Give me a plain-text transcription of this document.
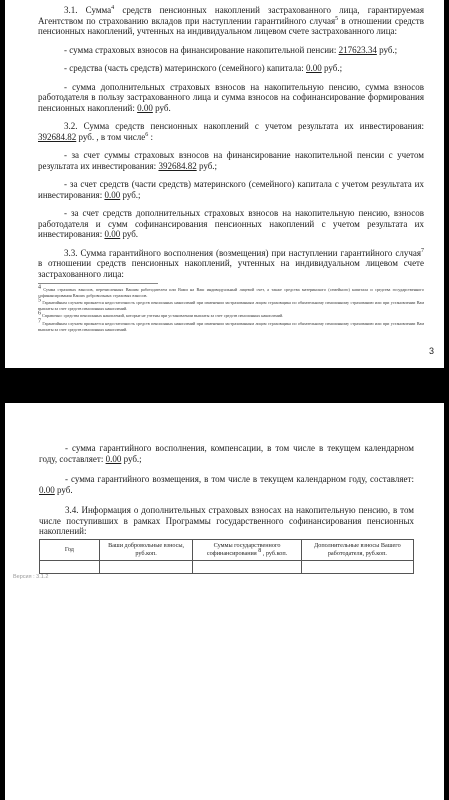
3.1. Сумма$^4$ средств пенсионных накоплений застрахованного лица, гарантируемая Агентством по страхованию вкладов при наступлении гарантийного случая$^5$ в отношении средств пенсионных накоплений, учтенных на индивидуальном лицевом счете застрахованного лица:

- сумма страховых взносов на финансирование накопительной пенсии: 217623.34 руб.;

- средства (часть средств) материнского (семейного) капитала: 0.00 руб.;

- сумма дополнительных страховых взносов на накопительную пенсию, сумма взносов работодателя в пользу застрахованного лица и сумма взносов на софинансирование формирования пенсионных накоплений: 0.00 руб.

3.2. Сумма средств пенсионных накоплений с учетом результата их инвестирования: 392684.82 руб. , в том числе$^6$ :

- за счет суммы страховых взносов на финансирование накопительной пенсии с учетом результата их инвестирования: 392684.82 руб.;

- за счет средств (части средств) материнского (семейного) капитала с учетом результата их инвестирования: 0.00 руб.;

- за счет средств дополнительных страховых взносов на накопительную пенсию, взносов работодателя и сумм софинансирования пенсионных накоплений с учетом результата их инвестирования: 0.00 руб.

3.3. Сумма гарантийного восполнения (возмещения) при наступлении гарантийного случая$^7$ в отношении средств пенсионных накоплений, учтенных на индивидуальном лицевом счете застрахованного лица:

$^4$ Сумма страховых взносов, перечисленных Вашим работодателем или Вами на Ваш индивидуальный лицевой счет, а также средства материнского (семейного) капитала и средства государственного софинансирования Ваших добровольных страховых взносов.

$^5$ Гарантийным случаем признается недостаточность средств пенсионных накоплений при изменении застрахованным лицом страховщика по обязательному пенсионному страхованию или при установлении Вам выплаты за счет средств пенсионных накоплений.

$^6$ Справочно: средства пенсионных накоплений, которые не учтены при установлении выплаты за счет средств пенсионных накоплений.

$^7$ Гарантийным случаем признается недостаточность средств пенсионных накоплений при изменении застрахованным лицом страховщика по обязательному пенсионному страхованию или при установлении Вам выплаты за счет средств пенсионных накоплений.

3

- сумма гарантийного восполнения, компенсации, в том числе в текущем календарном году, составляет: 0.00 руб.;

- сумма гарантийного возмещения, в том числе в текущем календарном году, составляет: 0.00 руб.

3.4. Информация о дополнительных страховых взносах на накопительную пенсию, в том числе поступивших в рамках Программы государственного софинансирования пенсионных накоплений:

Год	Ваши добровольные взносы, руб.коп.	Суммы государственного софинансирования $^8$ , руб.коп.	Дополнительные взносы Вашего работодателя, руб.коп.

Версия : 3.1.2
